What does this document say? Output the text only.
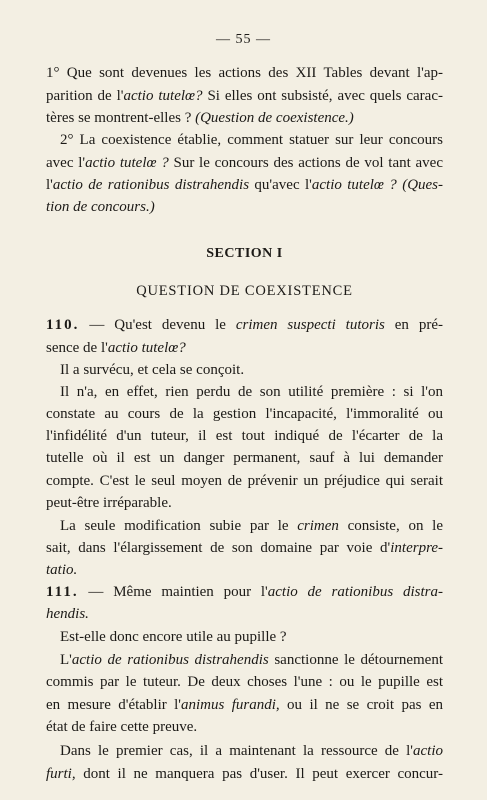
— 55 —
1° Que sont devenues les actions des XII Tables devant l'ap-
parition de l'actio tutelœ? Si elles ont subsisté, avec quels carac-
tères se montrent-elles ? (Question de coexistence.)
2° La coexistence établie, comment statuer sur leur concours
avec l'actio tutelœ ? Sur le concours des actions de vol tant avec
l'actio de rationibus distrahendis qu'avec l'actio tutelœ ? (Ques-
tion de concours.)
SECTION I
QUESTION DE COEXISTENCE
110. — Qu'est devenu le crimen suspecti tutoris en pré-
sence de l'actio tutelœ?
Il a survécu, et cela se conçoit.
Il n'a, en effet, rien perdu de son utilité première : si l'on
constate au cours de la gestion l'incapacité, l'immoralité ou
l'infidélité d'un tuteur, il est tout indiqué de l'écarter de la
tutelle où il est un danger permanent, sauf à lui demander
compte. C'est le seul moyen de prévenir un préjudice qui serait
peut-être irréparable.
La seule modification subie par le crimen consiste, on le
sait, dans l'élargissement de son domaine par voie d'interpre-
tatio.
111. — Même maintien pour l'actio de rationibus distra-
hendis.
Est-elle donc encore utile au pupille ?
L'actio de rationibus distrahendis sanctionne le détournement
commis par le tuteur. De deux choses l'une : ou le pupille est
en mesure d'établir l'animus furandi, ou il ne se croit pas en
état de faire cette preuve.
Dans le premier cas, il a maintenant la ressource de l'actio
furti, dont il ne manquera pas d'user. Il peut exercer concur-
